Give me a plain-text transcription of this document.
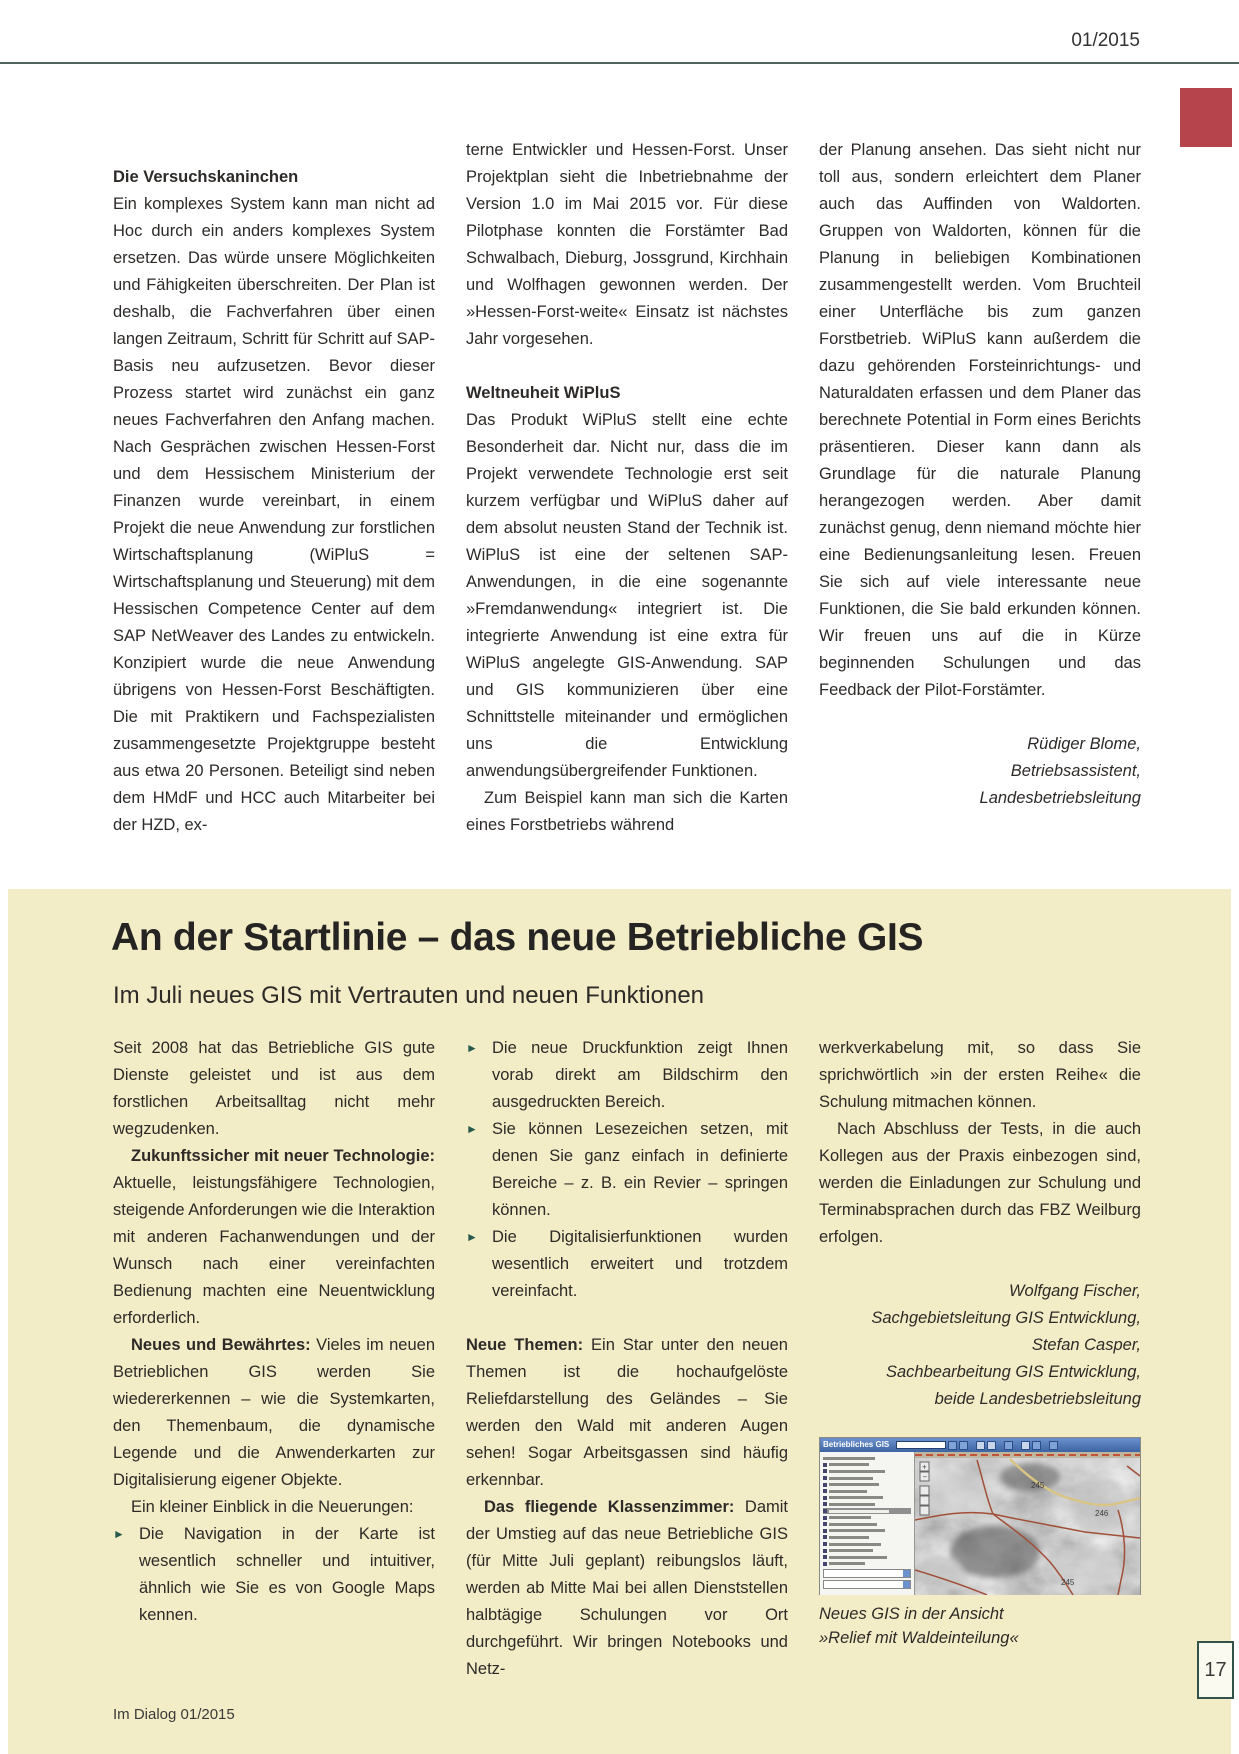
01/2015

Die Versuchskaninchen

Ein komplexes System kann man nicht ad Hoc durch ein anders komplexes System ersetzen. Das würde unsere Möglichkeiten und Fähigkeiten überschreiten. Der Plan ist deshalb, die Fachverfahren über einen langen Zeitraum, Schritt für Schritt auf SAP-Basis neu aufzusetzen. Bevor dieser Prozess startet wird zunächst ein ganz neues Fachverfahren den Anfang machen. Nach Gesprächen zwischen Hessen-Forst und dem Hessischem Ministerium der Finanzen wurde vereinbart, in einem Projekt die neue Anwendung zur forstlichen Wirtschaftsplanung (WiPluS = Wirtschaftsplanung und Steuerung) mit dem Hessischen Competence Center auf dem SAP NetWeaver des Landes zu entwickeln. Konzipiert wurde die neue Anwendung übrigens von Hessen-Forst Beschäftigten. Die mit Praktikern und Fachspezialisten zusammengesetzte Projektgruppe besteht aus etwa 20 Personen. Beteiligt sind neben dem HMdF und HCC auch Mitarbeiter bei der HZD, ex-

terne Entwickler und Hessen-Forst. Unser Projektplan sieht die Inbetriebnahme der Version 1.0 im Mai 2015 vor. Für diese Pilotphase konnten die Forstämter Bad Schwalbach, Dieburg, Jossgrund, Kirchhain und Wolfhagen gewonnen werden. Der »Hessen-Forst-weite« Einsatz ist nächstes Jahr vorgesehen.

Weltneuheit WiPluS

Das Produkt WiPluS stellt eine echte Besonderheit dar. Nicht nur, dass die im Projekt verwendete Technologie erst seit kurzem verfügbar und WiPluS daher auf dem absolut neusten Stand der Technik ist. WiPluS ist eine der seltenen SAP-Anwendungen, in die eine sogenannte »Fremdanwendung« integriert ist. Die integrierte Anwendung ist eine extra für WiPluS angelegte GIS-Anwendung. SAP und GIS kommunizieren über eine Schnittstelle miteinander und ermöglichen uns die Entwicklung anwendungsübergreifender Funktionen.

Zum Beispiel kann man sich die Karten eines Forstbetriebs während

der Planung ansehen. Das sieht nicht nur toll aus, sondern erleichtert dem Planer auch das Auffinden von Waldorten. Gruppen von Waldorten, können für die Planung in beliebigen Kombinationen zusammengestellt werden. Vom Bruchteil einer Unterfläche bis zum ganzen Forstbetrieb. WiPluS kann außerdem die dazu gehörenden Forsteinrichtungs- und Naturaldaten erfassen und dem Planer das berechnete Potential in Form eines Berichts präsentieren. Dieser kann dann als Grundlage für die naturale Planung herangezogen werden. Aber damit zunächst genug, denn niemand möchte hier eine Bedienungsanleitung lesen. Freuen Sie sich auf viele interessante neue Funktionen, die Sie bald erkunden können. Wir freuen uns auf die in Kürze beginnenden Schulungen und das Feedback der Pilot-Forstämter.

Rüdiger Blome,
Betriebsassistent,
Landesbetriebsleitung
An der Startlinie – das neue Betriebliche GIS
Im Juli neues GIS mit Vertrauten und neuen Funktionen

Seit 2008 hat das Betriebliche GIS gute Dienste geleistet und ist aus dem forstlichen Arbeitsalltag nicht mehr wegzudenken.

Zukunftssicher mit neuer Technologie: Aktuelle, leistungsfähigere Technologien, steigende Anforderungen wie die Interaktion mit anderen Fachanwendungen und der Wunsch nach einer vereinfachten Bedienung machten eine Neuentwicklung erforderlich.

Neues und Bewährtes: Vieles im neuen Betrieblichen GIS werden Sie wiedererkennen – wie die Systemkarten, den Themenbaum, die dynamische Legende und die Anwenderkarten zur Digitalisierung eigener Objekte.

Ein kleiner Einblick in die Neuerungen:

► Die Navigation in der Karte ist wesentlich schneller und intuitiver, ähnlich wie Sie es von Google Maps kennen.
► Die neue Druckfunktion zeigt Ihnen vorab direkt am Bildschirm den ausgedruckten Bereich.
► Sie können Lesezeichen setzen, mit denen Sie ganz einfach in definierte Bereiche – z. B. ein Revier – springen können.
► Die Digitalisierfunktionen wurden wesentlich erweitert und trotzdem vereinfacht.

Neue Themen: Ein Star unter den neuen Themen ist die hochaufgelöste Reliefdarstellung des Geländes – Sie werden den Wald mit anderen Augen sehen! Sogar Arbeitsgassen sind häufig erkennbar.

Das fliegende Klassenzimmer: Damit der Umstieg auf das neue Betriebliche GIS (für Mitte Juli geplant) reibungslos läuft, werden ab Mitte Mai bei allen Dienststellen halbtägige Schulungen vor Ort durchgeführt. Wir bringen Notebooks und Netz-

werkverkabelung mit, so dass Sie sprichwörtlich »in der ersten Reihe« die Schulung mitmachen können.

Nach Abschluss der Tests, in die auch Kollegen aus der Praxis einbezogen sind, werden die Einladungen zur Schulung und Terminabsprachen durch das FBZ Weilburg erfolgen.

Wolfgang Fischer,
Sachgebietsleitung GIS Entwicklung,
Stefan Casper,
Sachbearbeitung GIS Entwicklung,
beide Landesbetriebsleitung
Betriebliches GIS
245
246
245
+
−
Neues GIS in der Ansicht
»Relief mit Waldeinteilung«
Im Dialog 01/2015
17
